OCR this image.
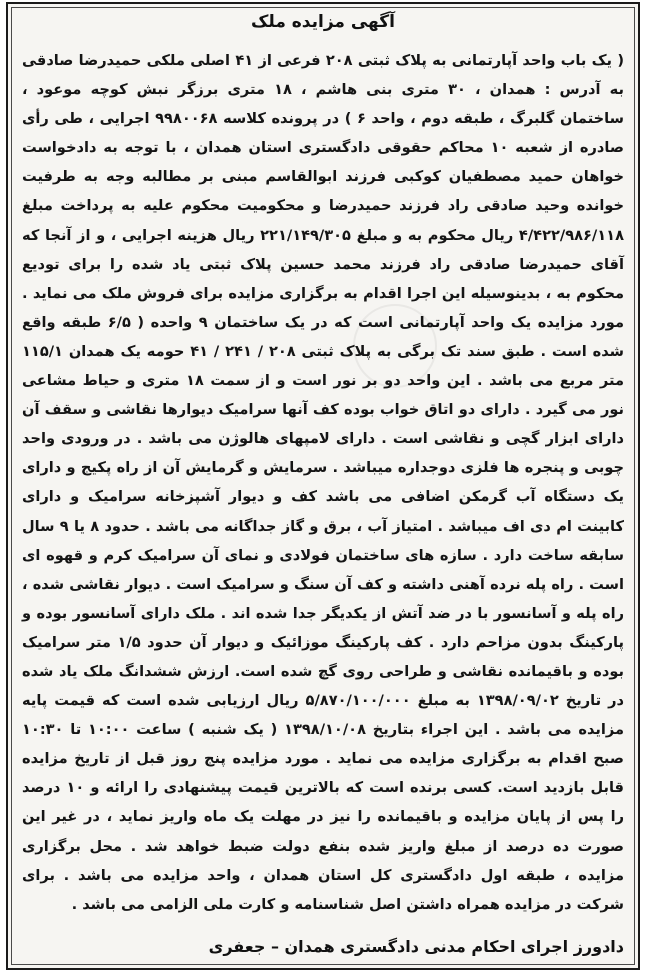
آگهی مزایده ملک
( یک باب واحد آپارتمانی به پلاک ثبتی ۲۰۸ فرعی از ۴۱ اصلی ملکی حمیدرضا صادقی به آدرس : همدان ، ۳۰ متری بنی هاشم ، ۱۸ متری برزگر نبش کوچه موعود ، ساختمان گلبرگ ، طبقه دوم ، واحد ۶ ) در پرونده کلاسه ۹۹۸۰۰۶۸ اجرایی ، طی رأی صادره از شعبه ۱۰ محاکم حقوقی دادگستری استان همدان ، با توجه به دادخواست خواهان حمید مصطفیان کوکبی فرزند ابوالقاسم مبنی بر مطالبه وجه به طرفیت خوانده وحید صادقی راد فرزند حمیدرضا و محکومیت محکوم علیه به پرداخت مبلغ ۴/۴۲۲/۹۸۶/۱۱۸ ریال محکوم به و مبلغ ۲۲۱/۱۴۹/۳۰۵ ریال هزینه اجرایی ، و از آنجا که آقای حمیدرضا صادقی راد فرزند محمد حسین پلاک ثبتی یاد شده را برای تودیع محکوم به ، بدینوسیله این اجرا اقدام به برگزاری مزایده برای فروش ملک می نماید . مورد مزایده یک واحد آپارتمانی است که در یک ساختمان ۹ واحده ( ۶/۵ طبقه واقع شده است . طبق سند تک برگی به پلاک ثبتی ۲۰۸ / ۲۴۱ / ۴۱ حومه یک همدان ۱۱۵/۱ متر مربع می باشد . این واحد دو بر نور است و از سمت ۱۸ متری و حیاط مشاعی نور می گیرد . دارای دو اتاق خواب بوده کف آنها سرامیک دیوارها نقاشی و سقف آن دارای ابزار گچی و نقاشی است . دارای لامپهای هالوژن می باشد . در ورودی واحد چوبی و پنجره ها فلزی دوجداره میباشد . سرمایش و گرمایش آن از راه پکیج و دارای یک دستگاه آب گرمکن اضافی می باشد کف و دیوار آشپزخانه سرامیک و دارای کابینت ام دی اف میباشد . امتیاز آب ، برق و گاز جداگانه می باشد . حدود ۸ یا ۹ سال سابقه ساخت دارد . سازه های ساختمان فولادی و نمای آن سرامیک کرم و قهوه ای است . راه پله نرده آهنی داشته و کف آن سنگ و سرامیک است . دیوار نقاشی شده ، راه پله و آسانسور با در ضد آتش از یکدیگر جدا شده اند . ملک دارای آسانسور بوده و پارکینگ بدون مزاحم دارد . کف پارکینگ موزائیک و دیوار آن حدود ۱/۵ متر سرامیک بوده و باقیمانده نقاشی و طراحی روی گچ شده است. ارزش ششدانگ ملک یاد شده در تاریخ ۱۳۹۸/۰۹/۰۲ به مبلغ ۵/۸۷۰/۱۰۰/۰۰۰ ریال ارزیابی شده است که قیمت پایه مزایده می باشد . این اجراء بتاریخ ۱۳۹۸/۱۰/۰۸ ( یک شنبه ) ساعت ۱۰:۰۰ تا ۱۰:۳۰ صبح اقدام به برگزاری مزایده می نماید . مورد مزایده پنج روز قبل از تاریخ مزایده قابل بازدید است. کسی برنده است که بالاترین قیمت پیشنهادی را ارائه و ۱۰ درصد را پس از پایان مزایده و باقیمانده را نیز در مهلت یک ماه واریز نماید ، در غیر این صورت ده درصد از مبلغ واریز شده بنفع دولت ضبط خواهد شد . محل برگزاری مزایده ، طبقه اول دادگستری کل استان همدان ، واحد مزایده می باشد . برای شرکت در مزایده همراه داشتن اصل شناسنامه و کارت ملی الزامی می باشد .
دادورز اجرای احکام مدنی دادگستری همدان – جعفری
